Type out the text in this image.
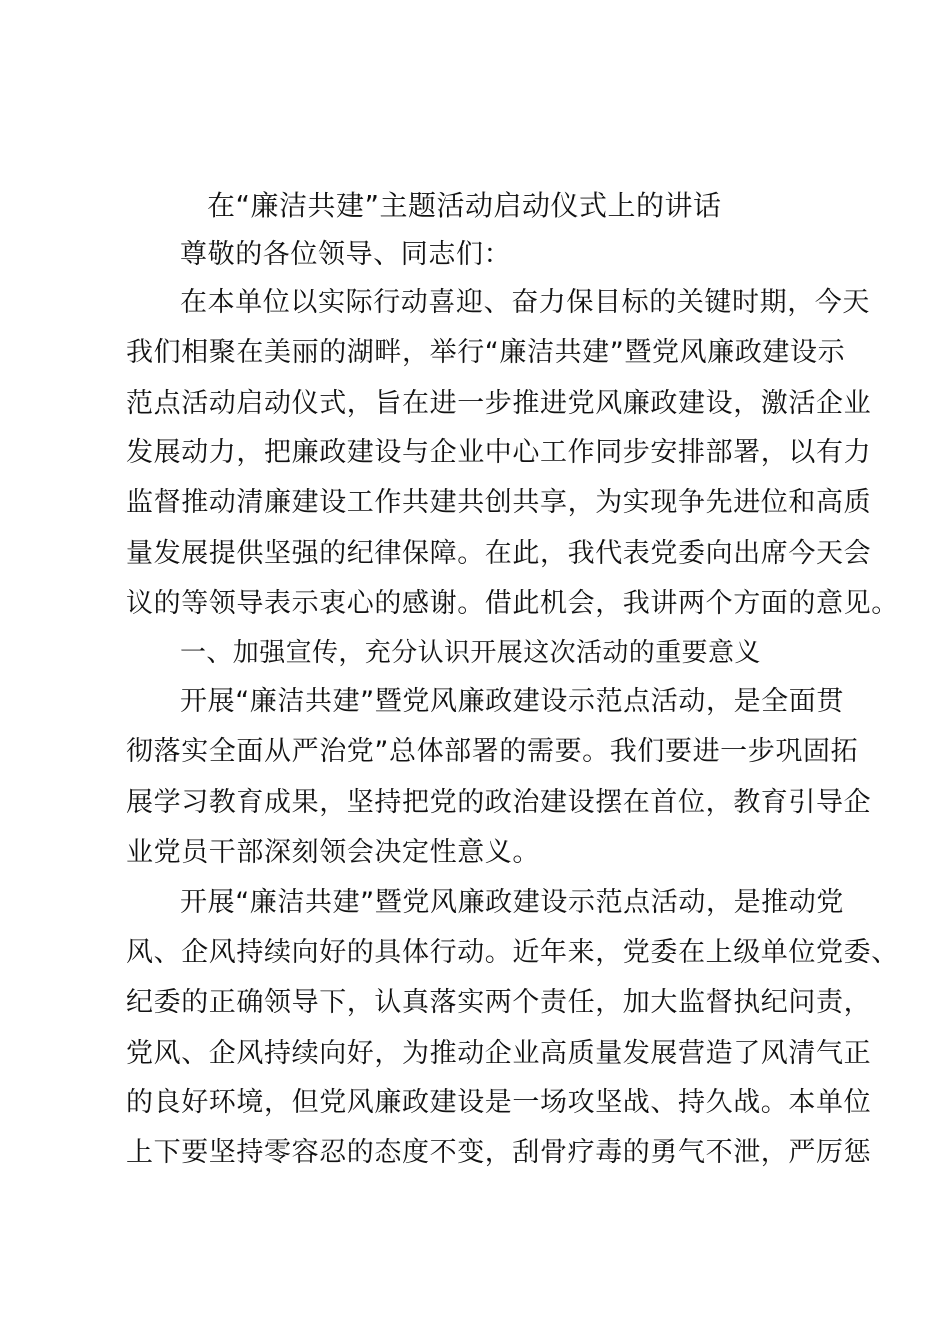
在“廉洁共建”主题活动启动仪式上的讲话
尊敬的各位领导、同志们：
在本单位以实际行动喜迎、奋力保目标的关键时期，今天
我们相聚在美丽的湖畔，举行“廉洁共建”暨党风廉政建设示
范点活动启动仪式，旨在进一步推进党风廉政建设，激活企业
发展动力，把廉政建设与企业中心工作同步安排部署，以有力
监督推动清廉建设工作共建共创共享，为实现争先进位和高质
量发展提供坚强的纪律保障。在此，我代表党委向出席今天会
议的等领导表示衷心的感谢。借此机会，我讲两个方面的意见。
一、加强宣传，充分认识开展这次活动的重要意义
开展“廉洁共建”暨党风廉政建设示范点活动，是全面贯
彻落实全面从严治党”总体部署的需要。我们要进一步巩固拓
展学习教育成果，坚持把党的政治建设摆在首位，教育引导企
业党员干部深刻领会决定性意义。
开展“廉洁共建”暨党风廉政建设示范点活动，是推动党
风、企风持续向好的具体行动。近年来，党委在上级单位党委、
纪委的正确领导下，认真落实两个责任，加大监督执纪问责，
党风、企风持续向好，为推动企业高质量发展营造了风清气正
的良好环境，但党风廉政建设是一场攻坚战、持久战。本单位
上下要坚持零容忍的态度不变，刮骨疗毒的勇气不泄，严厉惩
